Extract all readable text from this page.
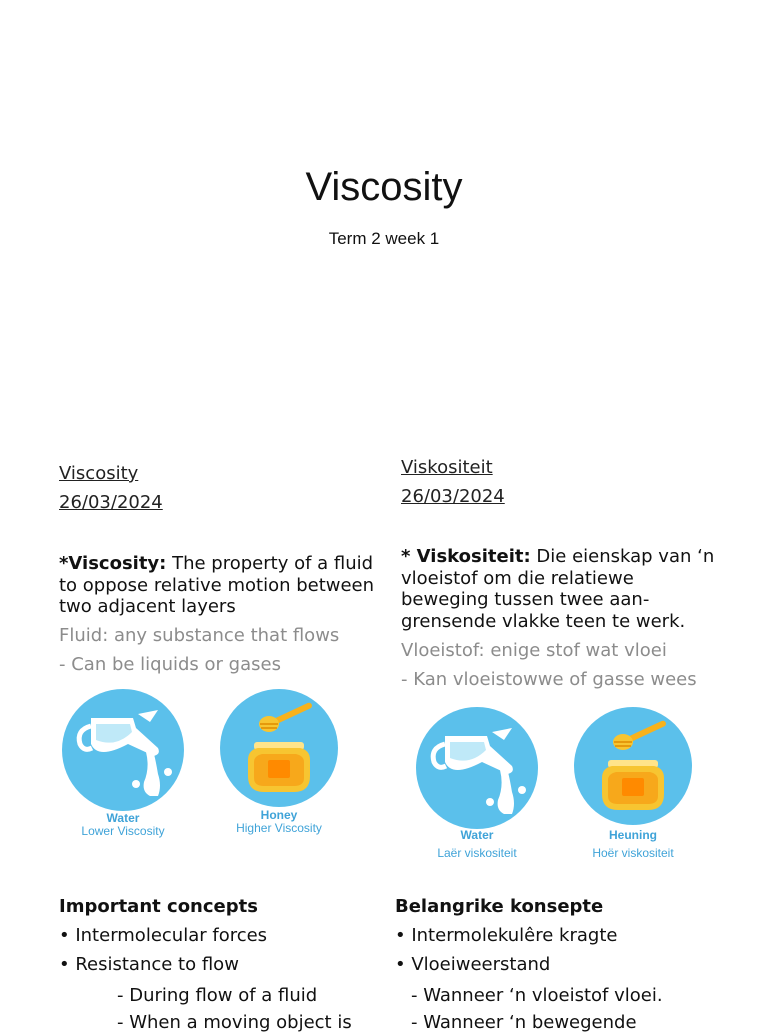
Viscosity
Term 2 week 1
Viscosity
26/03/2024
*Viscosity: The property of a fluid to oppose relative motion between two adjacent layers
Fluid: any substance that flows
- Can be liquids or gases
Water
Lower Viscosity
Honey
Higher Viscosity
Important concepts
• Intermolecular forces
• Resistance to flow
- During flow of a fluid
- When a moving object is
Viskositeit
26/03/2024
* Viskositeit: Die eienskap van ‘n vloeistof om die relatiewe beweging tussen twee aan-grensende vlakke teen te werk.
Vloeistof: enige stof wat vloei
- Kan vloeistowwe of gasse wees
Water
Laër viskositeit
Heuning
Hoër viskositeit
Belangrike konsepte
• Intermolekulêre kragte
• Vloeiweerstand
- Wanneer ‘n vloeistof vloei.
- Wanneer ‘n bewegende
